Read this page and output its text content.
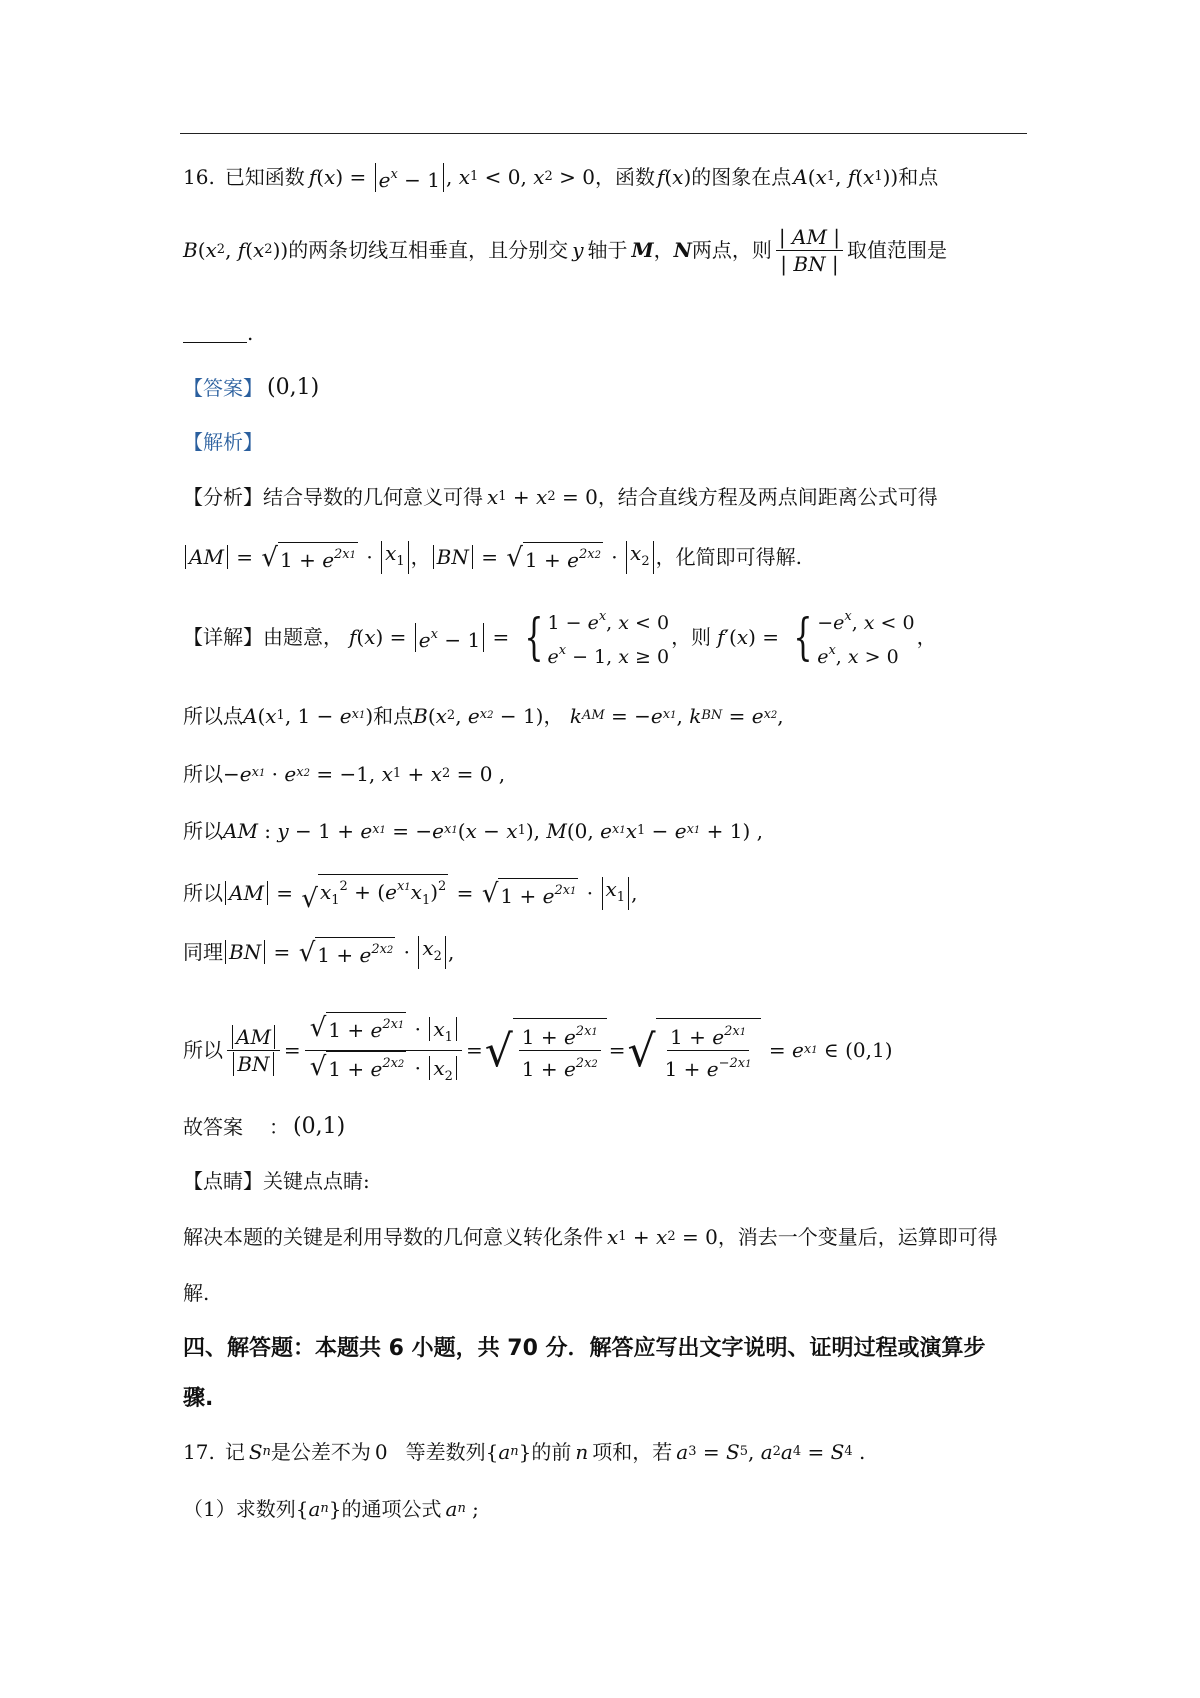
16. 已知函数 f ( x ) = $e^x - 1$ , x 1 < 0, x 2 > 0 ，函数 f ( x ) 的图象在点 A ( x 1 , f ( x 1 )) 和点
B ( x 2 , f ( x 2 )) 的两条切线互相垂直，且分别交 y 轴于 M ， N 两点，则 $\frac{| AM |}{| BN |}$ 取值范围是
.
【答案】 (0,1)
【解析】
【分析】 结合导数的几何意义可得 x 1 + x 2 = 0 ，结合直线方程及两点间距离公式可得
AM = √ $1 + e^{2x1} \cdot x_1$ ， BN = √ $1 + e^{2x2} \cdot x_2$ ，化简即可得解.
【详解】 由题意， f ( x ) = $e^x - 1$ = { $1 - e^x$, x < 0
$e^x - 1$, x ≥ 0
，则 f ′( x ) = { $-e^x$, x < 0
$e^x$, x > 0
，
所以点 A ( x 1 , 1 − e x1 ) 和点 B ( x 2 , e x2 − 1) ， k AM = − e x1 , k BN = e x2 ,
所以 − e x1 · e x2 = −1, x 1 + x 2 = 0 ,
所以 AM : y − 1 + e x1 = − e x1 ( x − x 1 ), M (0, e x1 x 1 − e x1 + 1) ,
所以 AM = √ $x_1^2 + (e^{x1}x_1)^2$ = √ $1 + e^{2x1} \cdot x_1$ ,
同理 BN = √ $1 + e^{2x2} \cdot x_2$ ,
所以 $\frac{AM}{BN} = \frac{√ 1 + e^{2x1} \cdot x_1}{√ 1 + e^{2x2} \cdot x_2}$ = √ $\frac{1 + e^{2x1}}{1 + e^{2x2}}$ = √ $\frac{1 + e^{2x1}}{1 + e^{-2x1}} = e$ x1 ∈ (0,1)
故答案 ： (0,1)
【点睛】 关键点点睛:
解决本题的关键是利用导数的几何意义转化条件 x 1 + x 2 = 0 ，消去一个变量后，运算即可得
解.
四、解答题：本题共 6 小题，共 70 分．解答应写出文字说明、证明过程或演算步
骤.
17. 记 S n 是公差不为 0 等差数列 { a n } 的前 n 项和，若 a 3 = S 5 , a 2 a 4 = S 4 .
（1）求数列 { a n } 的通项公式 a n ;
